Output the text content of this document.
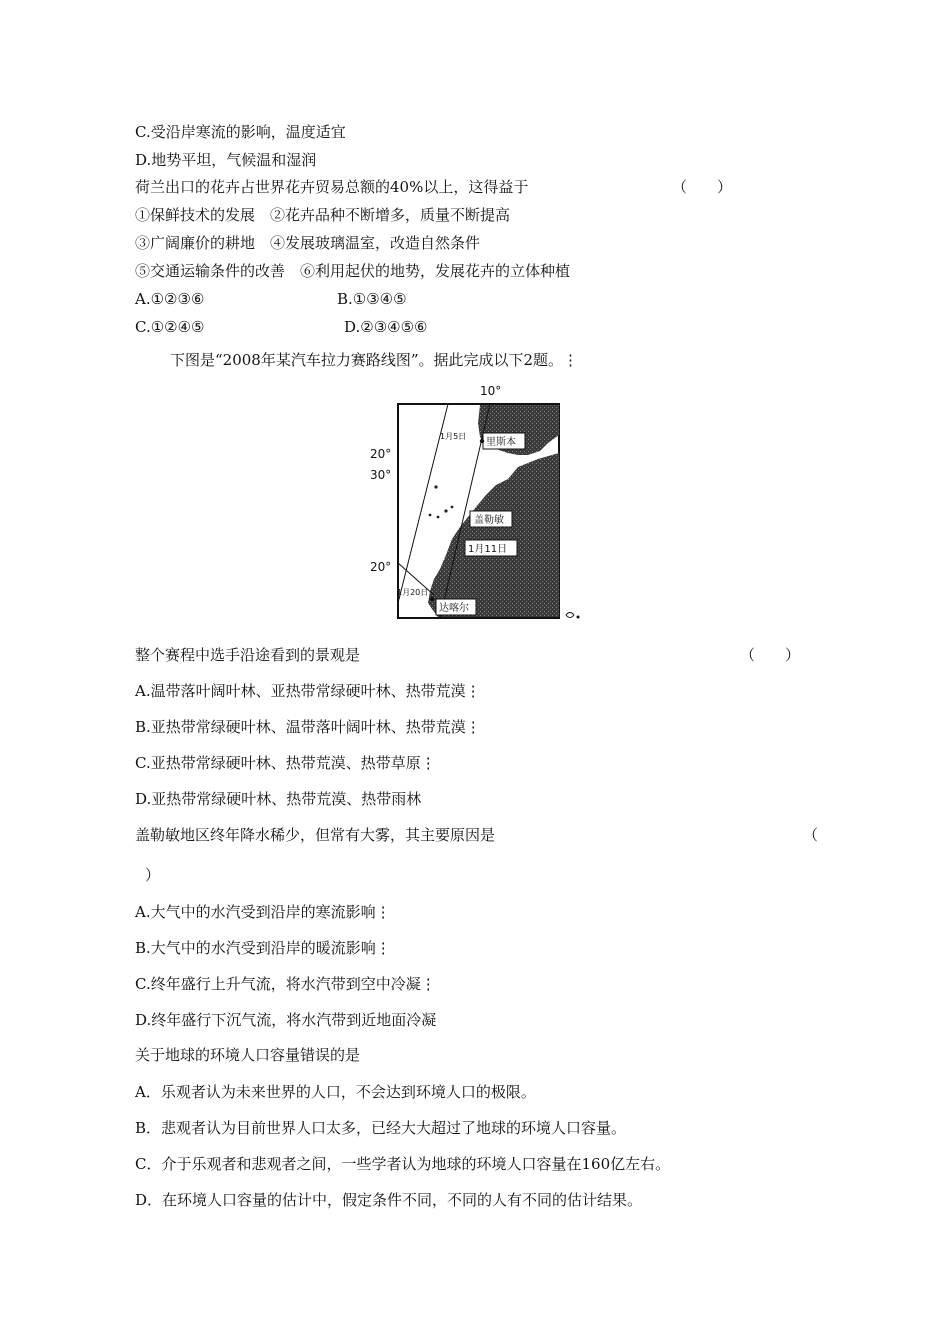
C.受沿岸寒流的影响，温度适宜
D.地势平坦，气候温和湿润
荷兰出口的花卉占世界花卉贸易总额的40%以上，这得益于	（　　）
①保鲜技术的发展　②花卉品种不断增多，质量不断提高
③广阔廉价的耕地　④发展玻璃温室，改造自然条件
⑤交通运输条件的改善　⑥利用起伏的地势，发展花卉的立体种植
A.①②③⑥	B.①③④⑤
C.①②④⑤	D.②③④⑤⑥
下图是“2008年某汽车拉力赛路线图”。据此完成以下2题。⋮
10°
20°
30°
20°
1月5日
里斯本
盖勒敏
1月11日
1月20日
达喀尔
整个赛程中选手沿途看到的景观是	（　　）
A.温带落叶阔叶林、亚热带常绿硬叶林、热带荒漠⋮
B.亚热带常绿硬叶林、温带落叶阔叶林、热带荒漠⋮
C.亚热带常绿硬叶林、热带荒漠、热带草原⋮
D.亚热带常绿硬叶林、热带荒漠、热带雨林
盖勒敏地区终年降水稀少，但常有大雾，其主要原因是	（
）
A.大气中的水汽受到沿岸的寒流影响⋮
B.大气中的水汽受到沿岸的暖流影响⋮
C.终年盛行上升气流，将水汽带到空中冷凝⋮
D.终年盛行下沉气流，将水汽带到近地面冷凝
关于地球的环境人口容量错误的是
A．乐观者认为未来世界的人口，不会达到环境人口的极限。
B．悲观者认为目前世界人口太多，已经大大超过了地球的环境人口容量。
C．介于乐观者和悲观者之间，一些学者认为地球的环境人口容量在160亿左右。
D．在环境人口容量的估计中，假定条件不同，不同的人有不同的估计结果。
